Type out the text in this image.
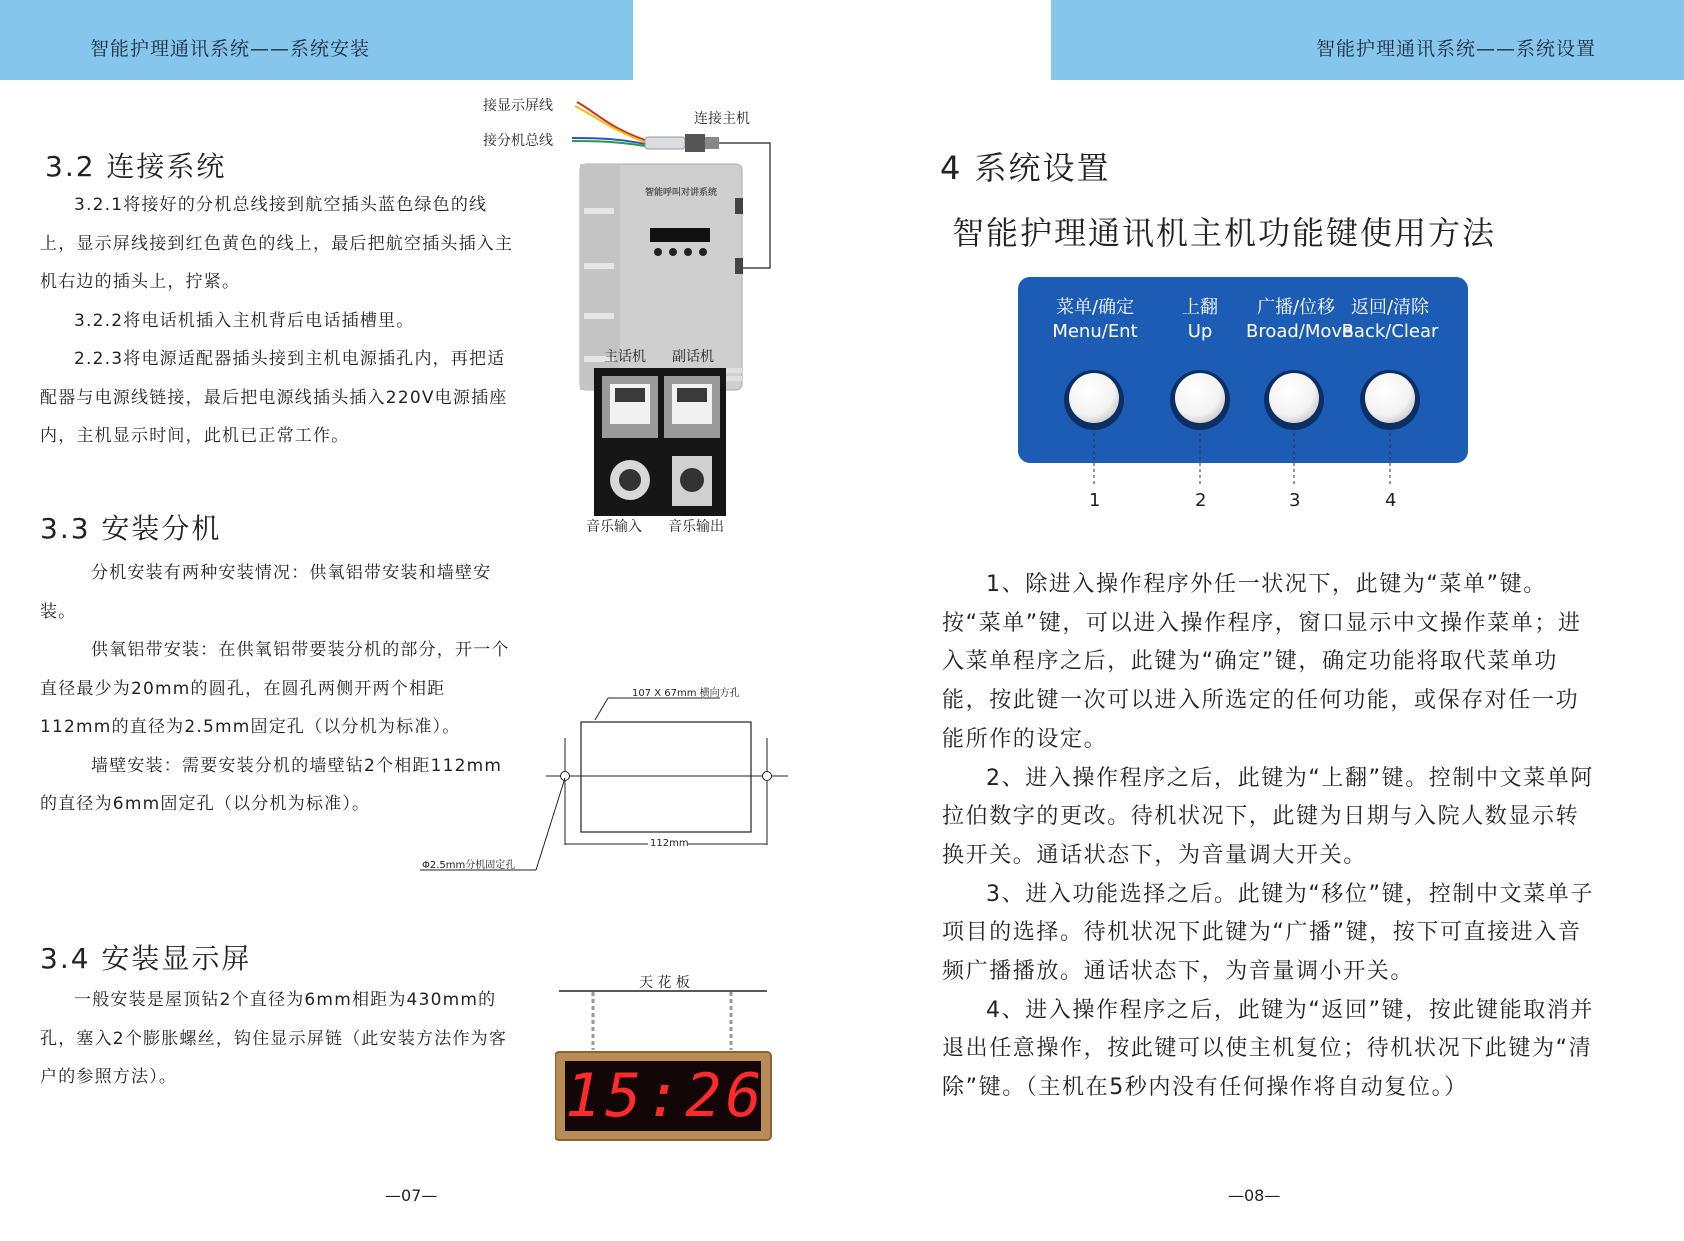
智能护理通讯系统——系统安装
3.2 连接系统
3.2.1将接好的分机总线接到航空插头蓝色绿色的线上，显示屏线接到红色黄色的线上，最后把航空插头插入主机右边的插头上，拧紧。
3.2.2将电话机插入主机背后电话插槽里。
2.2.3将电源适配器插头接到主机电源插孔内，再把适配器与电源线链接，最后把电源线插头插入220V电源插座内，主机显示时间，此机已正常工作。
3.3 安装分机
分机安装有两种安装情况：供氧铝带安装和墙壁安装。
供氧铝带安装：在供氧铝带要装分机的部分，开一个直径最少为20mm的圆孔，在圆孔两侧开两个相距112mm的直径为2.5mm固定孔（以分机为标准）。
墙壁安装：需要安装分机的墙壁钻2个相距112mm的直径为6mm固定孔（以分机为标准）。
3.4 安装显示屏
一般安装是屋顶钻2个直径为6mm相距为430mm的孔，塞入2个膨胀螺丝，钩住显示屏链（此安装方法作为客户的参照方法）。
接显示屏线
接分机总线
连接主机
智能呼叫对讲系统
主话机 副话机
音乐输入 音乐输出
107 X 67mm 横向方孔
112mm
Φ2.5mm分机固定孔
天 花 板
15:26
—07—
智能护理通讯系统——系统设置
4 系统设置
智能护理通讯机主机功能键使用方法
菜单/确定
Menu/Ent
上翻
Up
广播/位移
Broad/Move
返回/清除
Back/Clear
1	2	3	4
1、除进入操作程序外任一状况下，此键为“菜单”键。按“菜单”键，可以进入操作程序，窗口显示中文操作菜单；进入菜单程序之后，此键为“确定”键，确定功能将取代菜单功能，按此键一次可以进入所选定的任何功能，或保存对任一功能所作的设定。
2、进入操作程序之后，此键为“上翻”键。控制中文菜单阿拉伯数字的更改。待机状况下，此键为日期与入院人数显示转换开关。通话状态下，为音量调大开关。
3、进入功能选择之后。此键为“移位”键，控制中文菜单子项目的选择。待机状况下此键为“广播”键，按下可直接进入音频广播播放。通话状态下，为音量调小开关。
4、进入操作程序之后，此键为“返回”键，按此键能取消并退出任意操作，按此键可以使主机复位；待机状况下此键为“清除”键。（主机在5秒内没有任何操作将自动复位。）
—08—
